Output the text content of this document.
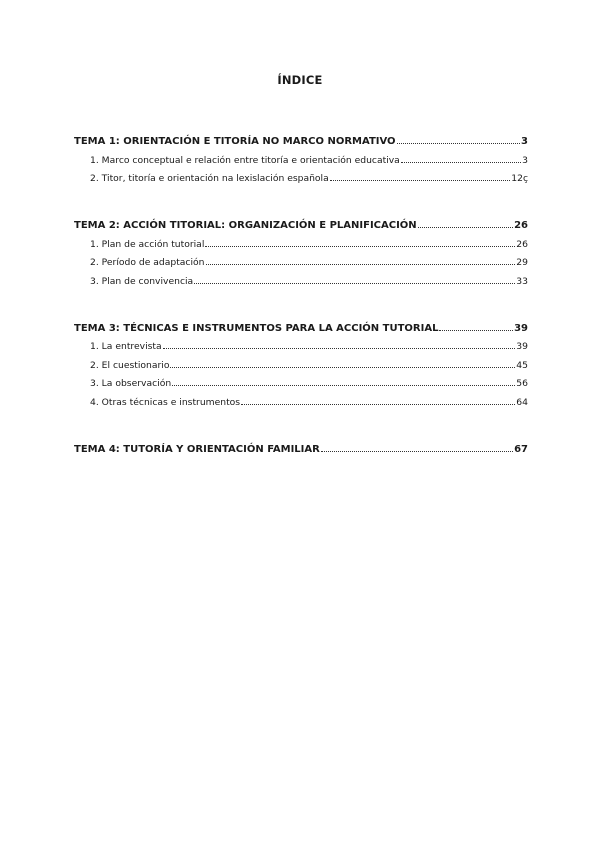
ÍNDICE
TEMA 1: ORIENTACIÓN E TITORÍA NO MARCO NORMATIVO	3
1. Marco conceptual e relación entre titoría e orientación educativa	3
2. Titor, titoría e orientación na lexislación española	12ç
TEMA 2: ACCIÓN TITORIAL: ORGANIZACIÓN E PLANIFICACIÓN	26
1. Plan de acción tutorial	26
2. Período de adaptación	29
3. Plan de convivencia	33
TEMA 3: TÉCNICAS E INSTRUMENTOS PARA LA ACCIÓN TUTORIAL	39
1. La entrevista	39
2. El cuestionario	45
3. La observación	56
4. Otras técnicas e instrumentos	64
TEMA 4: TUTORÍA Y ORIENTACIÓN FAMILIAR	67
